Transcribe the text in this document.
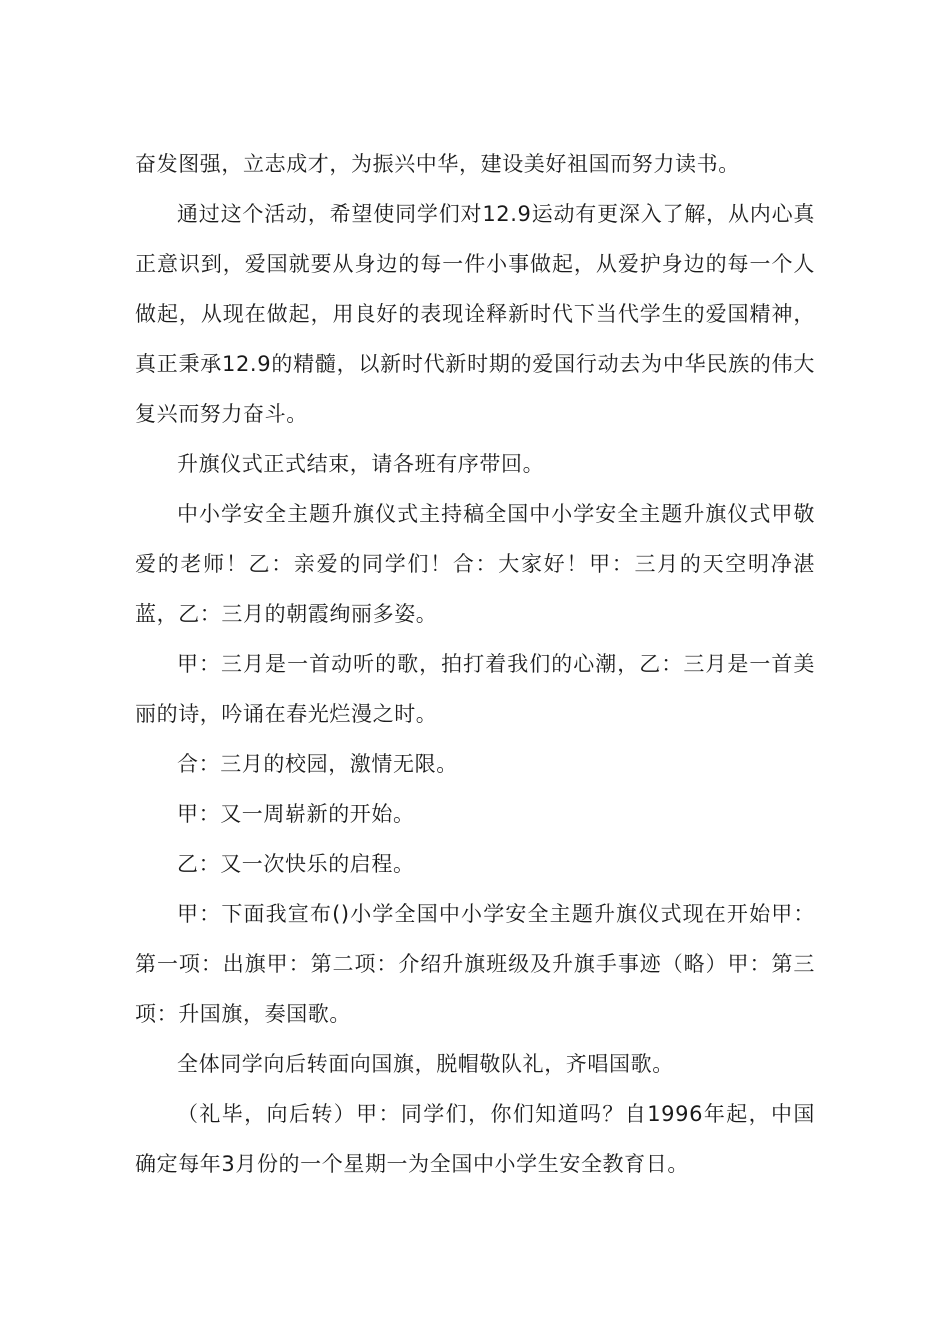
奋发图强，立志成才，为振兴中华，建设美好祖国而努力读书。

通过这个活动，希望使同学们对12.9运动有更深入了解，从内心真正意识到，爱国就要从身边的每一件小事做起，从爱护身边的每一个人做起，从现在做起，用良好的表现诠释新时代下当代学生的爱国精神，真正秉承12.9的精髓，以新时代新时期的爱国行动去为中华民族的伟大复兴而努力奋斗。

升旗仪式正式结束，请各班有序带回。

中小学安全主题升旗仪式主持稿全国中小学安全主题升旗仪式甲敬爱的老师！乙：亲爱的同学们！合：大家好！甲：三月的天空明净湛蓝，乙：三月的朝霞绚丽多姿。

甲：三月是一首动听的歌，拍打着我们的心潮，乙：三月是一首美丽的诗，吟诵在春光烂漫之时。

合：三月的校园，激情无限。

甲：又一周崭新的开始。

乙：又一次快乐的启程。

甲：下面我宣布()小学全国中小学安全主题升旗仪式现在开始甲：第一项：出旗甲：第二项：介绍升旗班级及升旗手事迹（略）甲：第三项：升国旗，奏国歌。

全体同学向后转面向国旗，脱帽敬队礼，齐唱国歌。

（礼毕，向后转）甲：同学们，你们知道吗？自1996年起，中国确定每年3月份的一个星期一为全国中小学生安全教育日。
